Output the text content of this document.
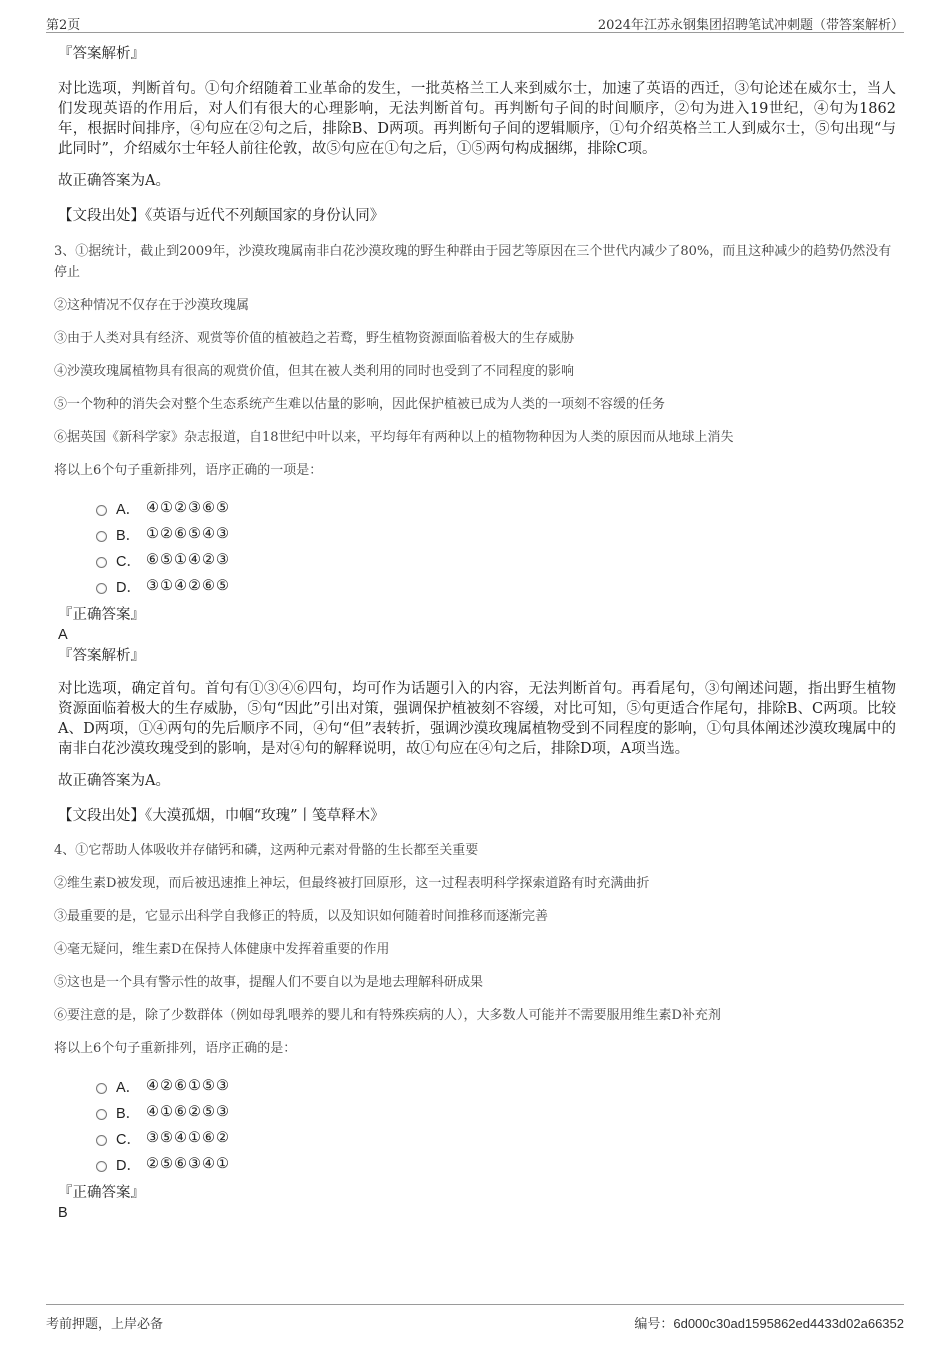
第2页	2024年江苏永钢集团招聘笔试冲刺题（带答案解析）
『答案解析』

对比选项，判断首句。①句介绍随着工业革命的发生，一批英格兰工人来到威尔士，加速了英语的西迁，③句论述在威尔士，当人们发现英语的作用后，对人们有很大的心理影响，无法判断首句。再判断句子间的时间顺序，②句为进入19世纪，④句为1862年，根据时间排序，④句应在②句之后，排除B、D两项。再判断句子间的逻辑顺序，①句介绍英格兰工人到威尔士，⑤句出现“与此同时”，介绍威尔士年轻人前往伦敦，故⑤句应在①句之后，①⑤两句构成捆绑，排除C项。

故正确答案为A。

【文段出处】《英语与近代不列颠国家的身份认同》

3、①据统计，截止到2009年，沙漠玫瑰属南非白花沙漠玫瑰的野生种群由于园艺等原因在三个世代内减少了80%，而且这种减少的趋势仍然没有停止

②这种情况不仅存在于沙漠玫瑰属

③由于人类对具有经济、观赏等价值的植被趋之若鹜，野生植物资源面临着极大的生存威胁

④沙漠玫瑰属植物具有很高的观赏价值，但其在被人类利用的同时也受到了不同程度的影响

⑤一个物种的消失会对整个生态系统产生难以估量的影响，因此保护植被已成为人类的一项刻不容缓的任务

⑥据英国《新科学家》杂志报道，自18世纪中叶以来，平均每年有两种以上的植物物种因为人类的原因而从地球上消失

将以上6个句子重新排列，语序正确的一项是：

A． ④①②③⑥⑤
B． ①②⑥⑤④③
C． ⑥⑤①④②③
D． ③①④②⑥⑤
『正确答案』
A
『答案解析』

对比选项，确定首句。首句有①③④⑥四句，均可作为话题引入的内容，无法判断首句。再看尾句，③句阐述问题，指出野生植物资源面临着极大的生存威胁，⑤句“因此”引出对策，强调保护植被刻不容缓，对比可知，⑤句更适合作尾句，排除B、C两项。比较A、D两项，①④两句的先后顺序不同，④句“但”表转折，强调沙漠玫瑰属植物受到不同程度的影响，①句具体阐述沙漠玫瑰属中的南非白花沙漠玫瑰受到的影响，是对④句的解释说明，故①句应在④句之后，排除D项，A项当选。

故正确答案为A。

【文段出处】《大漠孤烟，巾帼“玫瑰”丨笺草释木》

4、①它帮助人体吸收并存储钙和磷，这两种元素对骨骼的生长都至关重要

②维生素D被发现，而后被迅速推上神坛，但最终被打回原形，这一过程表明科学探索道路有时充满曲折

③最重要的是，它显示出科学自我修正的特质，以及知识如何随着时间推移而逐渐完善

④毫无疑问，维生素D在保持人体健康中发挥着重要的作用

⑤这也是一个具有警示性的故事，提醒人们不要自以为是地去理解科研成果

⑥要注意的是，除了少数群体（例如母乳喂养的婴儿和有特殊疾病的人），大多数人可能并不需要服用维生素D补充剂

将以上6个句子重新排列，语序正确的是：

A． ④②⑥①⑤③
B． ④①⑥②⑤③
C． ③⑤④①⑥②
D． ②⑤⑥③④①
『正确答案』
B
考前押题，上岸必备	编号：6d000c30ad1595862ed4433d02a66352
